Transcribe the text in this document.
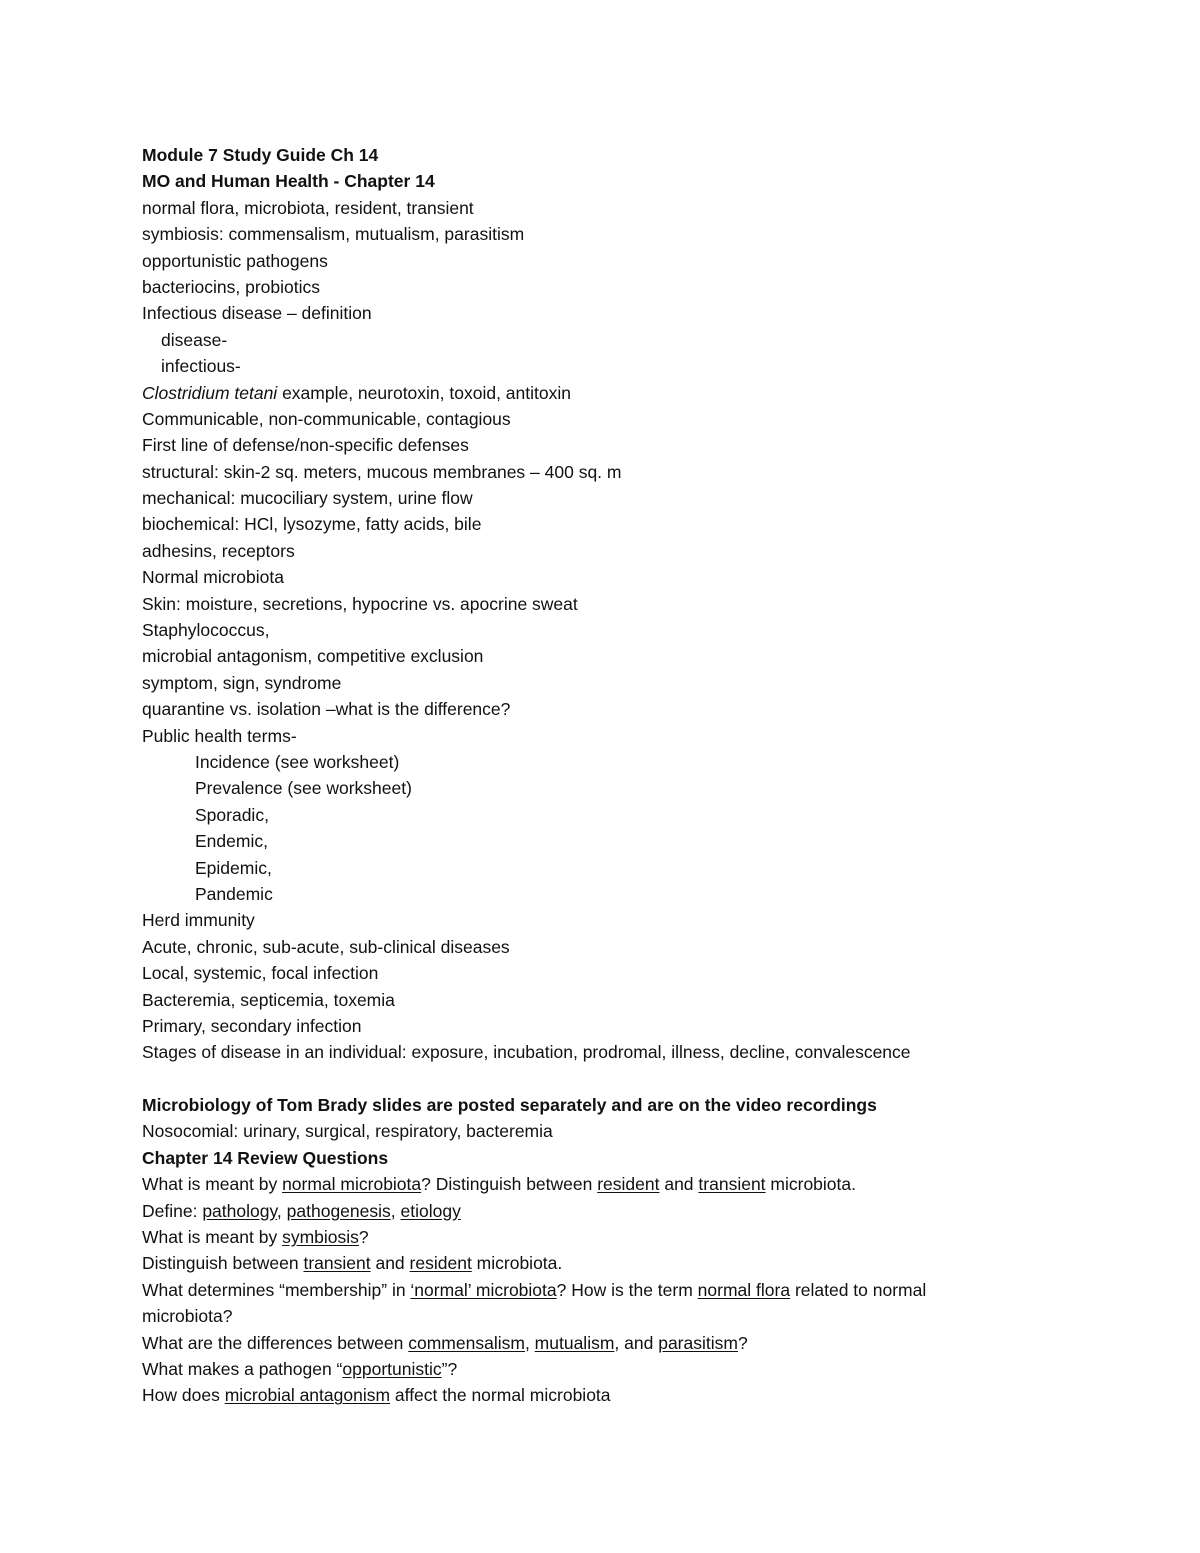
Module 7 Study Guide Ch 14
MO and Human Health - Chapter 14
normal flora, microbiota, resident, transient
symbiosis: commensalism, mutualism, parasitism
opportunistic pathogens
bacteriocins, probiotics
Infectious disease – definition
disease-
infectious-
Clostridium tetani example, neurotoxin, toxoid, antitoxin
Communicable, non-communicable, contagious
First line of defense/non-specific defenses
structural: skin-2 sq. meters, mucous membranes – 400 sq. m
mechanical: mucociliary system, urine flow
biochemical: HCl, lysozyme, fatty acids, bile
adhesins, receptors
Normal microbiota
Skin: moisture, secretions, hypocrine vs. apocrine sweat
Staphylococcus,
microbial antagonism, competitive exclusion
symptom, sign, syndrome
quarantine vs. isolation –what is the difference?
Public health terms-
Incidence (see worksheet)
Prevalence (see worksheet)
Sporadic,
Endemic,
Epidemic,
Pandemic
Herd immunity
Acute, chronic, sub-acute, sub-clinical diseases
Local, systemic, focal infection
Bacteremia, septicemia, toxemia
Primary, secondary infection
Stages of disease in an individual: exposure, incubation, prodromal, illness, decline, convalescence
Microbiology of Tom Brady slides are posted separately and are on the video recordings
Nosocomial: urinary, surgical, respiratory, bacteremia
Chapter 14 Review Questions
What is meant by normal microbiota? Distinguish between resident and transient microbiota.
Define: pathology, pathogenesis, etiology
What is meant by symbiosis?
Distinguish between transient and resident microbiota.
What determines “membership” in ‘normal’ microbiota? How is the term normal flora related to normal
microbiota?
What are the differences between commensalism, mutualism, and parasitism?
What makes a pathogen “opportunistic”?
How does microbial antagonism affect the normal microbiota
